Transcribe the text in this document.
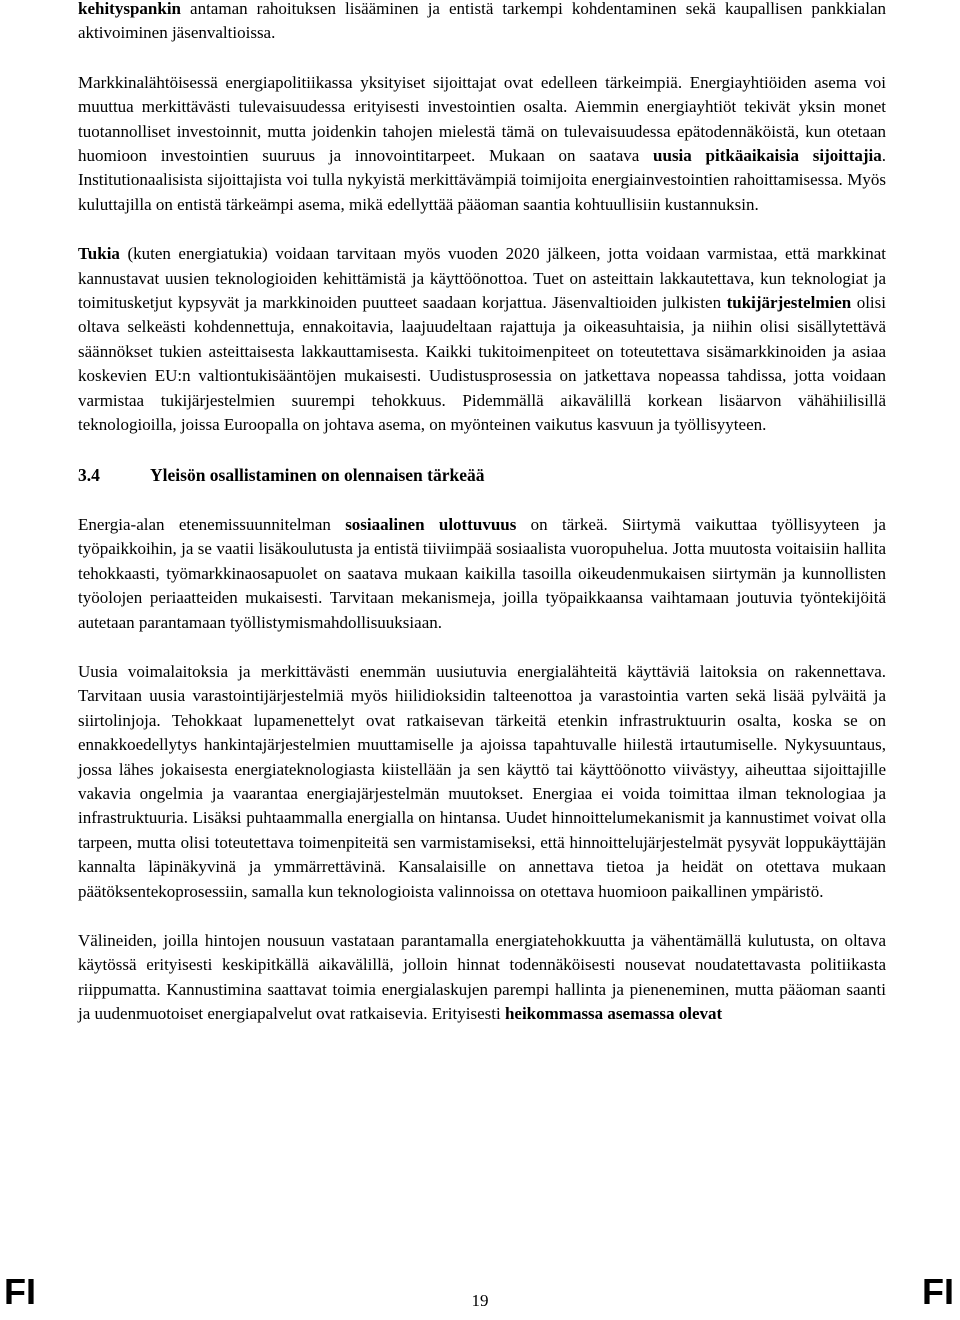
kehityspankin antaman rahoituksen lisääminen ja entistä tarkempi kohdentaminen sekä kaupallisen pankkialan aktivoiminen jäsenvaltioissa.

Markkinalähtöisessä energiapolitiikassa yksityiset sijoittajat ovat edelleen tärkeimpiä. Energiayhtiöiden asema voi muuttua merkittävästi tulevaisuudessa erityisesti investointien osalta. Aiemmin energiayhtiöt tekivät yksin monet tuotannolliset investoinnit, mutta joidenkin tahojen mielestä tämä on tulevaisuudessa epätodennäköistä, kun otetaan huomioon investointien suuruus ja innovointitarpeet. Mukaan on saatava uusia pitkäaikaisia sijoittajia. Institutionaalisista sijoittajista voi tulla nykyistä merkittävämpiä toimijoita energiainvestointien rahoittamisessa. Myös kuluttajilla on entistä tärkeämpi asema, mikä edellyttää pääoman saantia kohtuullisiin kustannuksin.

Tukia (kuten energiatukia) voidaan tarvitaan myös vuoden 2020 jälkeen, jotta voidaan varmistaa, että markkinat kannustavat uusien teknologioiden kehittämistä ja käyttöönottoa. Tuet on asteittain lakkautettava, kun teknologiat ja toimitusketjut kypsyvät ja markkinoiden puutteet saadaan korjattua. Jäsenvaltioiden julkisten tukijärjestelmien olisi oltava selkeästi kohdennettuja, ennakoitavia, laajuudeltaan rajattuja ja oikeasuhtaisia, ja niihin olisi sisällytettävä säännökset tukien asteittaisesta lakkauttamisesta. Kaikki tukitoimenpiteet on toteutettava sisämarkkinoiden ja asiaa koskevien EU:n valtiontukisääntöjen mukaisesti. Uudistusprosessia on jatkettava nopeassa tahdissa, jotta voidaan varmistaa tukijärjestelmien suurempi tehokkuus. Pidemmällä aikavälillä korkean lisäarvon vähähiilisillä teknologioilla, joissa Euroopalla on johtava asema, on myönteinen vaikutus kasvuun ja työllisyyteen.

3.4	Yleisön osallistaminen on olennaisen tärkeää

Energia-alan etenemissuunnitelman sosiaalinen ulottuvuus on tärkeä. Siirtymä vaikuttaa työllisyyteen ja työpaikkoihin, ja se vaatii lisäkoulutusta ja entistä tiiviimpää sosiaalista vuoropuhelua. Jotta muutosta voitaisiin hallita tehokkaasti, työmarkkinaosapuolet on saatava mukaan kaikilla tasoilla oikeudenmukaisen siirtymän ja kunnollisten työolojen periaatteiden mukaisesti. Tarvitaan mekanismeja, joilla työpaikkaansa vaihtamaan joutuvia työntekijöitä autetaan parantamaan työllistymismahdollisuuksiaan.

Uusia voimalaitoksia ja merkittävästi enemmän uusiutuvia energialähteitä käyttäviä laitoksia on rakennettava. Tarvitaan uusia varastointijärjestelmiä myös hiilidioksidin talteenottoa ja varastointia varten sekä lisää pylväitä ja siirtolinjoja. Tehokkaat lupamenettelyt ovat ratkaisevan tärkeitä etenkin infrastruktuurin osalta, koska se on ennakkoedellytys hankintajärjestelmien muuttamiselle ja ajoissa tapahtuvalle hiilestä irtautumiselle. Nykysuuntaus, jossa lähes jokaisesta energiateknologiasta kiistellään ja sen käyttö tai käyttöönotto viivästyy, aiheuttaa sijoittajille vakavia ongelmia ja vaarantaa energiajärjestelmän muutokset. Energiaa ei voida toimittaa ilman teknologiaa ja infrastruktuuria. Lisäksi puhtaammalla energialla on hintansa. Uudet hinnoittelumekanismit ja kannustimet voivat olla tarpeen, mutta olisi toteutettava toimenpiteitä sen varmistamiseksi, että hinnoittelujärjestelmät pysyvät loppukäyttäjän kannalta läpinäkyvinä ja ymmärrettävinä. Kansalaisille on annettava tietoa ja heidät on otettava mukaan päätöksentekoprosessiin, samalla kun teknologioista valinnoissa on otettava huomioon paikallinen ympäristö.

Välineiden, joilla hintojen nousuun vastataan parantamalla energiatehokkuutta ja vähentämällä kulutusta, on oltava käytössä erityisesti keskipitkällä aikavälillä, jolloin hinnat todennäköisesti nousevat noudatettavasta politiikasta riippumatta. Kannustimina saattavat toimia energialaskujen parempi hallinta ja pieneneminen, mutta pääoman saanti ja uudenmuotoiset energiapalvelut ovat ratkaisevia. Erityisesti heikommassa asemassa olevat

FI	19	FI
